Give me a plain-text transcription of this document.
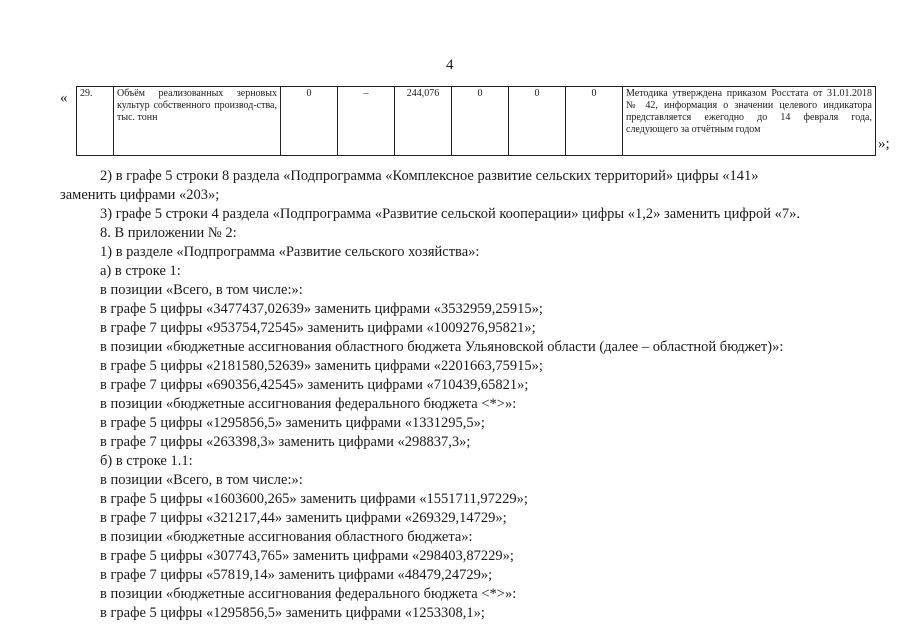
4
« 29.	Объём реализованных зерновых культур собственного производ-ства, тыс. тонн	0	–	244,076	0	0	0	Методика утверждена приказом Росстата от 31.01.2018 № 42, информация о значении целевого индикатора представляется ежегодно до 14 февраля года, следующего за отчётным годом
»;

2) в графе 5 строки 8 раздела «Подпрограмма «Комплексное развитие сельских территорий» цифры «141»

заменить цифрами «203»;

3) графе 5 строки 4 раздела «Подпрограмма «Развитие сельской кооперации» цифры «1,2» заменить цифрой «7».

8. В приложении № 2:

1) в разделе «Подпрограмма «Развитие сельского хозяйства»:

а) в строке 1:

в позиции «Всего, в том числе:»:

в графе 5 цифры «3477437,02639» заменить цифрами «3532959,25915»;

в графе 7 цифры «953754,72545» заменить цифрами «1009276,95821»;

в позиции «бюджетные ассигнования областного бюджета Ульяновской области (далее – областной бюджет)»:

в графе 5 цифры «2181580,52639» заменить цифрами «2201663,75915»;

в графе 7 цифры «690356,42545» заменить цифрами «710439,65821»;

в позиции «бюджетные ассигнования федерального бюджета <*>»:

в графе 5 цифры «1295856,5» заменить цифрами «1331295,5»;

в графе 7 цифры «263398,3» заменить цифрами «298837,3»;

б) в строке 1.1:

в позиции «Всего, в том числе:»:

в графе 5 цифры «1603600,265» заменить цифрами «1551711,97229»;

в графе 7 цифры «321217,44» заменить цифрами «269329,14729»;

в позиции «бюджетные ассигнования областного бюджета»:

в графе 5 цифры «307743,765» заменить цифрами «298403,87229»;

в графе 7 цифры «57819,14» заменить цифрами «48479,24729»;

в позиции «бюджетные ассигнования федерального бюджета <*>»:

в графе 5 цифры «1295856,5» заменить цифрами «1253308,1»;
